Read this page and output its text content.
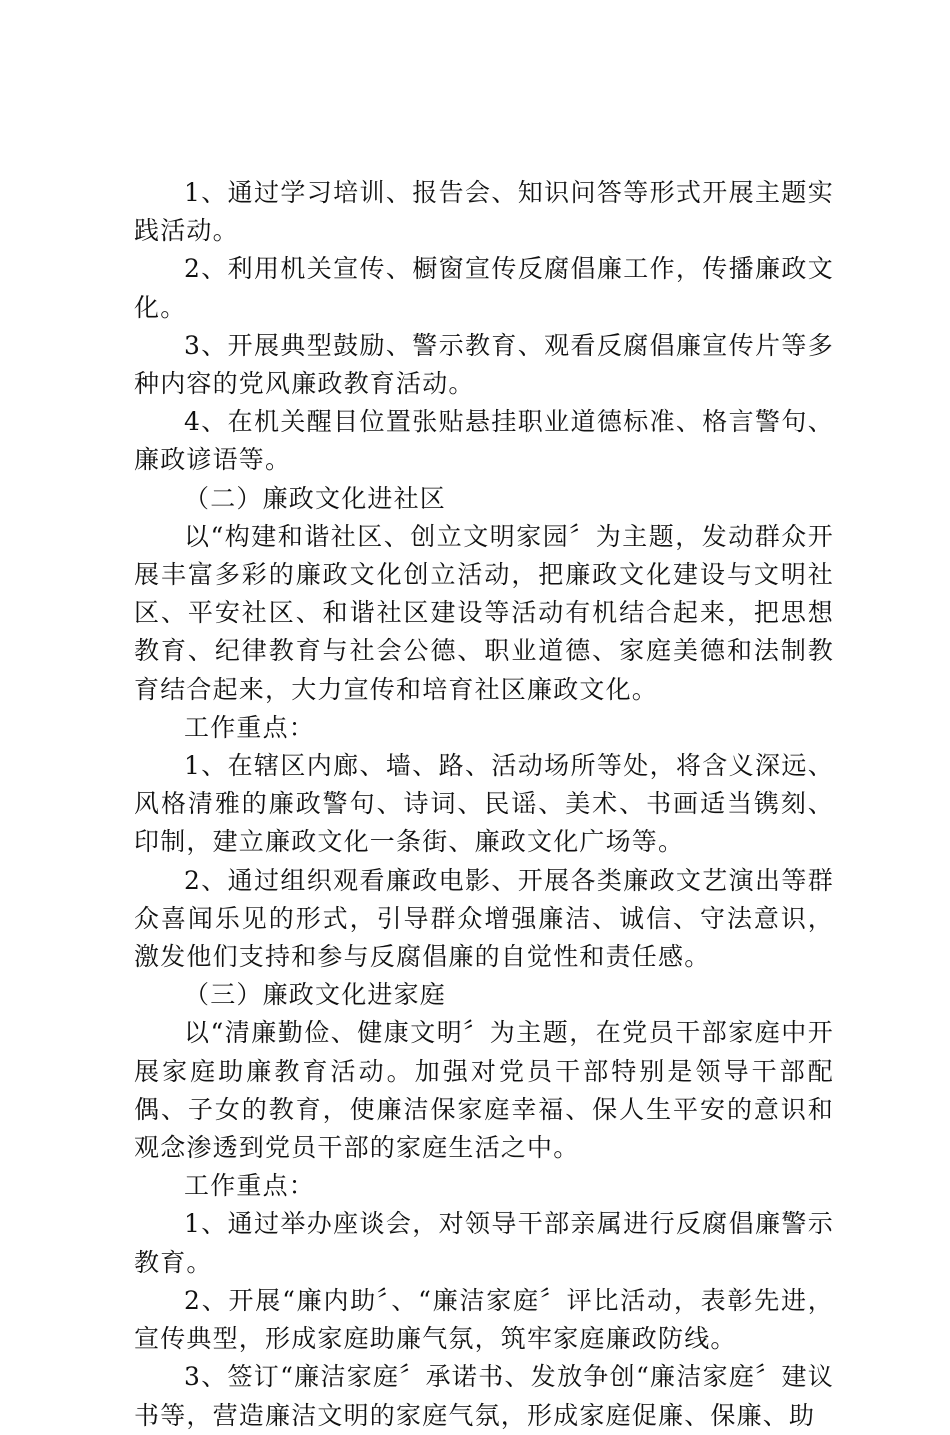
1、通过学习培训、报告会、知识问答等形式开展主题实践活动。

2、利用机关宣传、橱窗宣传反腐倡廉工作，传播廉政文化。

3、开展典型鼓励、警示教育、观看反腐倡廉宣传片等多种内容的党风廉政教育活动。

4、在机关醒目位置张贴悬挂职业道德标准、格言警句、廉政谚语等。

（二）廉政文化进社区

以“构建和谐社区、创立文明家园〞为主题，发动群众开展丰富多彩的廉政文化创立活动，把廉政文化建设与文明社区、平安社区、和谐社区建设等活动有机结合起来，把思想教育、纪律教育与社会公德、职业道德、家庭美德和法制教育结合起来，大力宣传和培育社区廉政文化。

工作重点：

1、在辖区内廊、墙、路、活动场所等处，将含义深远、风格清雅的廉政警句、诗词、民谣、美术、书画适当镌刻、印制，建立廉政文化一条街、廉政文化广场等。

2、通过组织观看廉政电影、开展各类廉政文艺演出等群众喜闻乐见的形式，引导群众增强廉洁、诚信、守法意识，激发他们支持和参与反腐倡廉的自觉性和责任感。

（三）廉政文化进家庭

以“清廉勤俭、健康文明〞为主题，在党员干部家庭中开展家庭助廉教育活动。加强对党员干部特别是领导干部配偶、子女的教育，使廉洁保家庭幸福、保人生平安的意识和观念渗透到党员干部的家庭生活之中。

工作重点：

1、通过举办座谈会，对领导干部亲属进行反腐倡廉警示教育。

2、开展“廉内助〞、“廉洁家庭〞评比活动，表彰先进，宣传典型，形成家庭助廉气氛，筑牢家庭廉政防线。

3、签订“廉洁家庭〞承诺书、发放争创“廉洁家庭〞建议书等，营造廉洁文明的家庭气氛，形成家庭促廉、保廉、助
